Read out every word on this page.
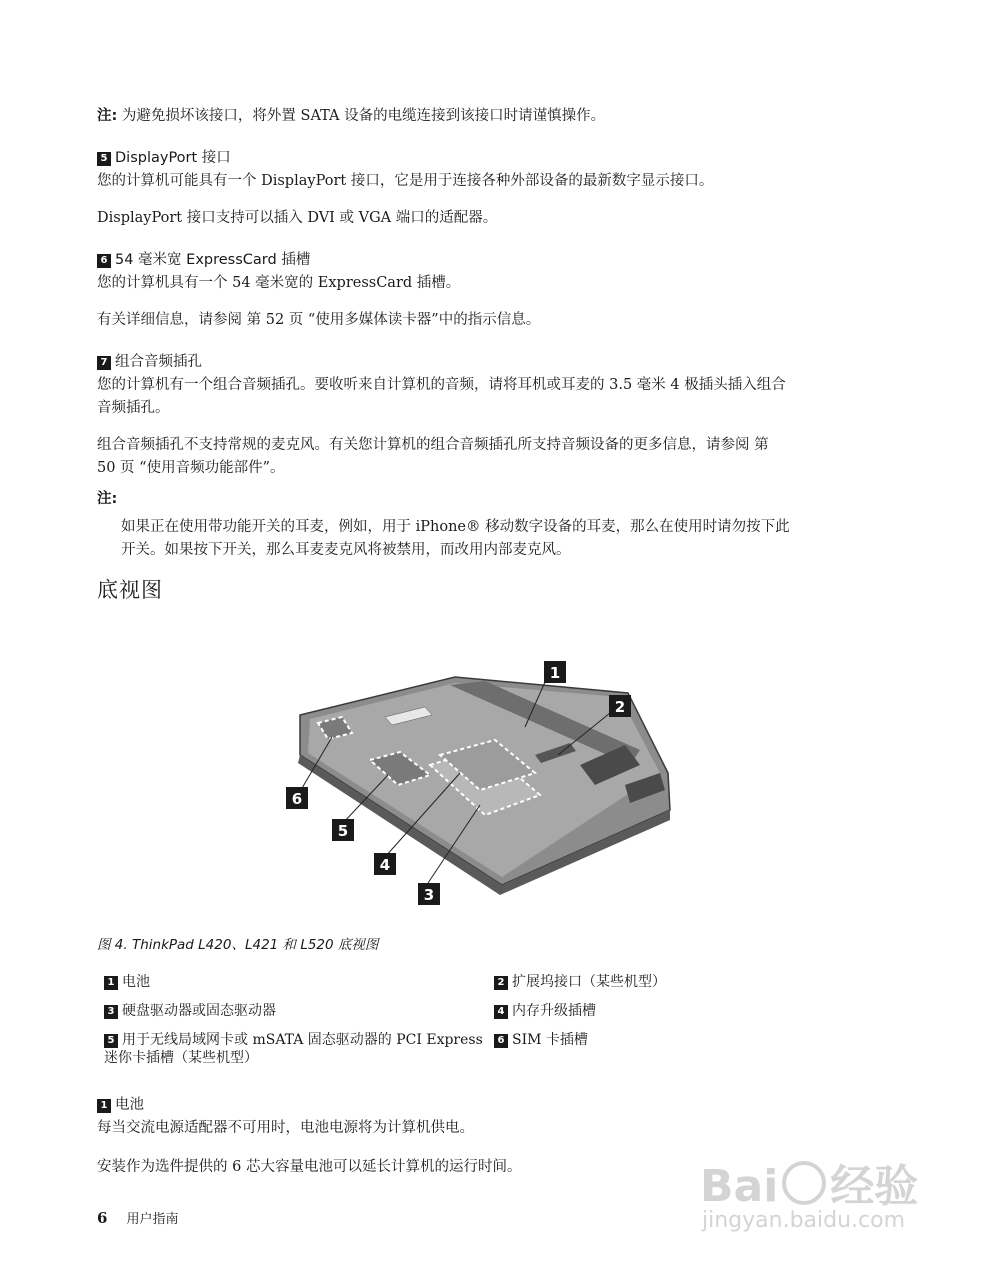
注: 为避免损坏该接口，将外置 SATA 设备的电缆连接到该接口时请谨慎操作。
5 DisplayPort 接口
您的计算机可能具有一个 DisplayPort 接口，它是用于连接各种外部设备的最新数字显示接口。
DisplayPort 接口支持可以插入 DVI 或 VGA 端口的适配器。
6 54 毫米宽 ExpressCard 插槽
您的计算机具有一个 54 毫米宽的 ExpressCard 插槽。
有关详细信息，请参阅 第 52 页 “使用多媒体读卡器”中的指示信息。
7 组合音频插孔
您的计算机有一个组合音频插孔。要收听来自计算机的音频，请将耳机或耳麦的 3.5 毫米 4 极插头插入组合
音频插孔。
组合音频插孔不支持常规的麦克风。有关您计算机的组合音频插孔所支持音频设备的更多信息，请参阅 第
50 页 “使用音频功能部件”。
注:
如果正在使用带功能开关的耳麦，例如，用于 iPhone® 移动数字设备的耳麦，那么在使用时请勿按下此
开关。如果按下开关，那么耳麦麦克风将被禁用，而改用内部麦克风。
底视图
1
2
3
4
5
6
图 4. ThinkPad L420、L421 和 L520 底视图
1 电池	2 扩展坞接口（某些机型）
3 硬盘驱动器或固态驱动器	4 内存升级插槽
5 用于无线局域网卡或 mSATA 固态驱动器的 PCI Express
迷你卡插槽（某些机型）
6 SIM 卡插槽
1 电池
每当交流电源适配器不可用时，电池电源将为计算机供电。
安装作为选件提供的 6 芯大容量电池可以延长计算机的运行时间。
6 用户指南
Bai 经验
jingyan.baidu.com
